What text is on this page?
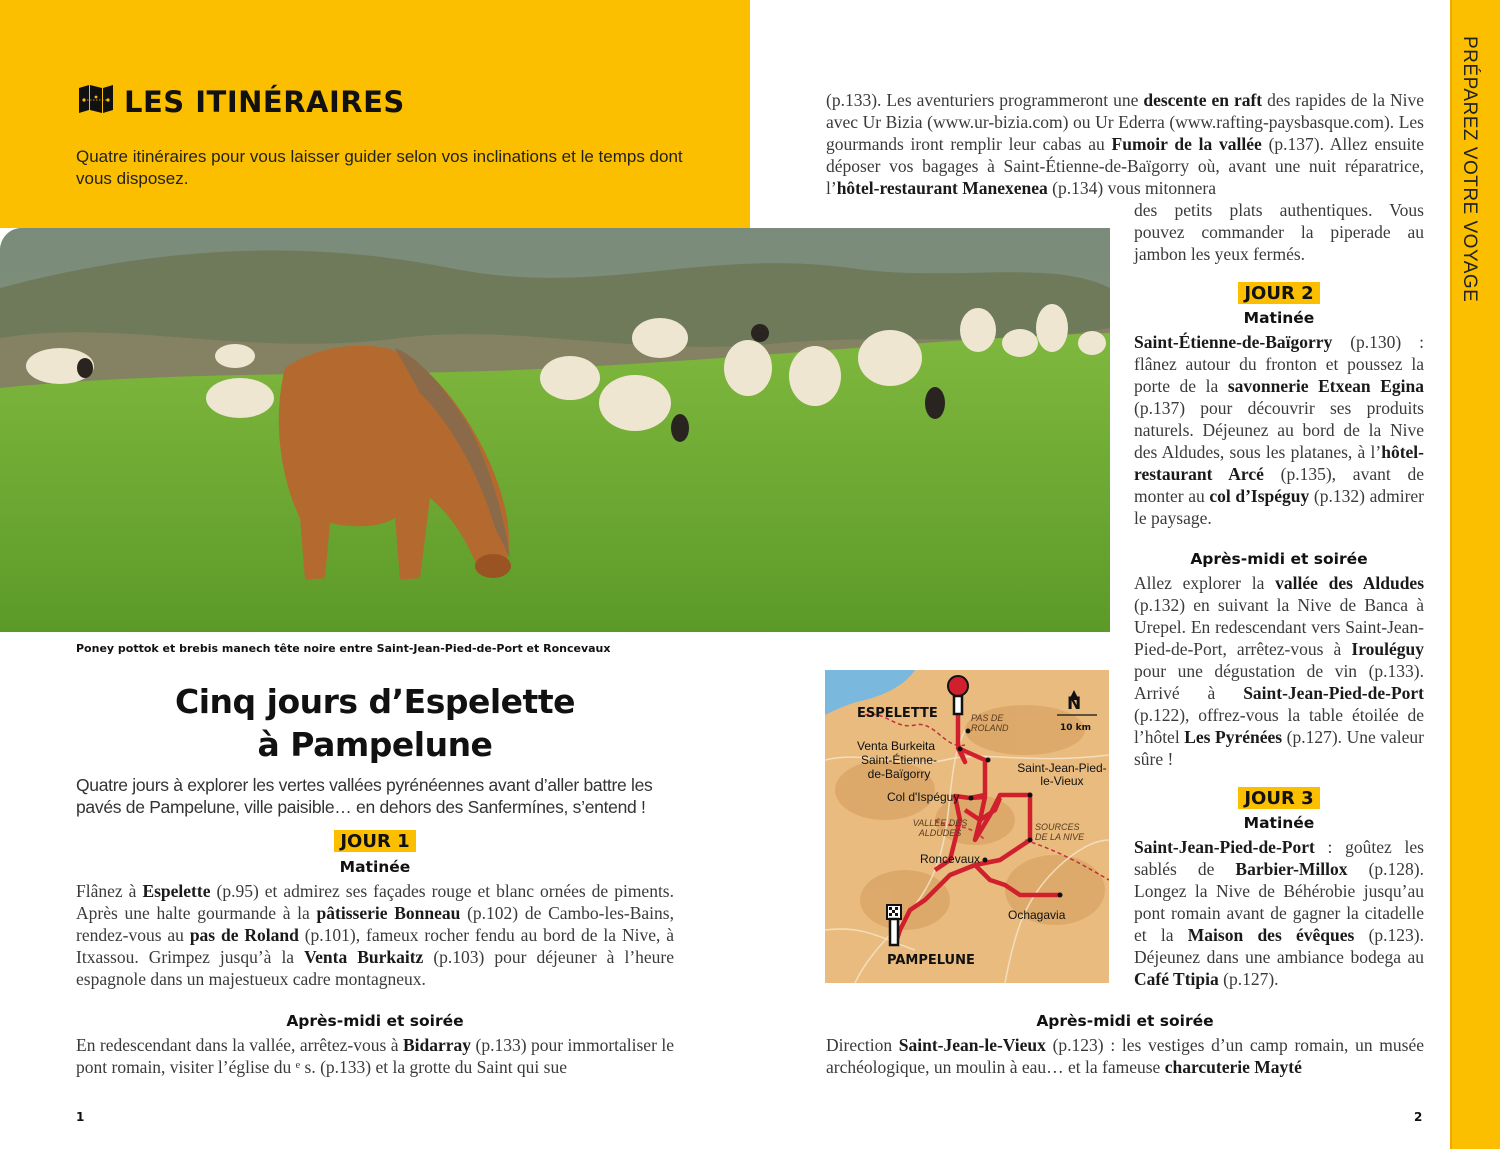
LES ITINÉRAIRES
Quatre itinéraires pour vous laisser guider selon vos inclinations et le temps dont vous disposez.
Poney pottok et brebis manech tête noire entre Saint-Jean-Pied-de-Port et Roncevaux
Cinq jours d’Espelette
à Pampelune
Quatre jours à explorer les vertes vallées pyrénéennes avant d’aller battre les pavés de Pampelune, ville paisible… en dehors des Sanfermínes, s’entend !
JOUR 1
Matinée
Flânez à Espelette (p.95) et admirez ses façades rouge et blanc ornées de piments. Après une halte gourmande à la pâtisserie Bonneau (p.102) de Cambo-les-Bains, rendez-vous au pas de Roland (p.101), fameux rocher fendu au bord de la Nive, à Itxassou. Grimpez jusqu’à la Venta Burkaitz (p.103) pour déjeuner à l’heure espagnole dans un majestueux cadre montagneux.
Après-midi et soirée
En redescendant dans la vallée, arrêtez-vous à Bidarray (p.133) pour immortaliser le pont romain, visiter l’église du ᵉ s. (p.133) et la grotte du Saint qui sue
(p.133). Les aventuriers programmeront une descente en raft des rapides de la Nive avec Ur Bizia (www.ur-bizia.com) ou Ur Ederra (www.rafting-paysbasque.com). Les gourmands iront remplir leur cabas au Fumoir de la vallée (p.137). Allez ensuite déposer vos bagages à Saint-Étienne-de-Baïgorry où, avant une nuit réparatrice, l’hôtel-restaurant Manexenea (p.134) vous mitonnera
des petits plats authentiques. Vous pouvez commander la piperade au jambon les yeux fermés.
JOUR 2
Matinée
Saint-Étienne-de-Baïgorry (p.130) : flânez autour du fronton et poussez la porte de la savonnerie Etxean Egina (p.137) pour découvrir ses produits naturels. Déjeunez au bord de la Nive des Aldudes, sous les platanes, à l’hôtel-restaurant Arcé (p.135), avant de monter au col d’Ispéguy (p.132) admirer le paysage.
Après-midi et soirée
Allez explorer la vallée des Aldudes (p.132) en suivant la Nive de Banca à Urepel. En redescendant vers Saint-Jean-Pied-de-Port, arrêtez-vous à Irouléguy pour une dégustation de vin (p.133). Arrivé à Saint-Jean-Pied-de-Port (p.122), offrez-vous la table étoilée de l’hôtel Les Pyrénées (p.127). Une valeur sûre !
JOUR 3
Matinée
Saint-Jean-Pied-de-Port : goûtez les sablés de Barbier-Millox (p.128). Longez la Nive de Béhérobie jusqu’au pont romain avant de gagner la citadelle et la Maison des évêques (p.123). Déjeunez dans une ambiance bodega au Café Ttipia (p.127).
Après-midi et soirée
Direction Saint-Jean-le-Vieux (p.123) : les vestiges d’un camp romain, un musée archéologique, un moulin à eau… et la fameuse charcuterie Mayté
ESPELETTE	PAS DE ROLAND
N
10 km
Venta Burkeita
Saint-Étienne-de-Baïgorry
Col d'Ispéguy
Saint-Jean-Pied-le-Vieux
VALLÉE DES ALDUDES
SOURCES DE LA NIVE
Roncevaux
Ochagavia
PAMPELUNE
PRÉPAREZ VOTRE VOYAGE
1	2
